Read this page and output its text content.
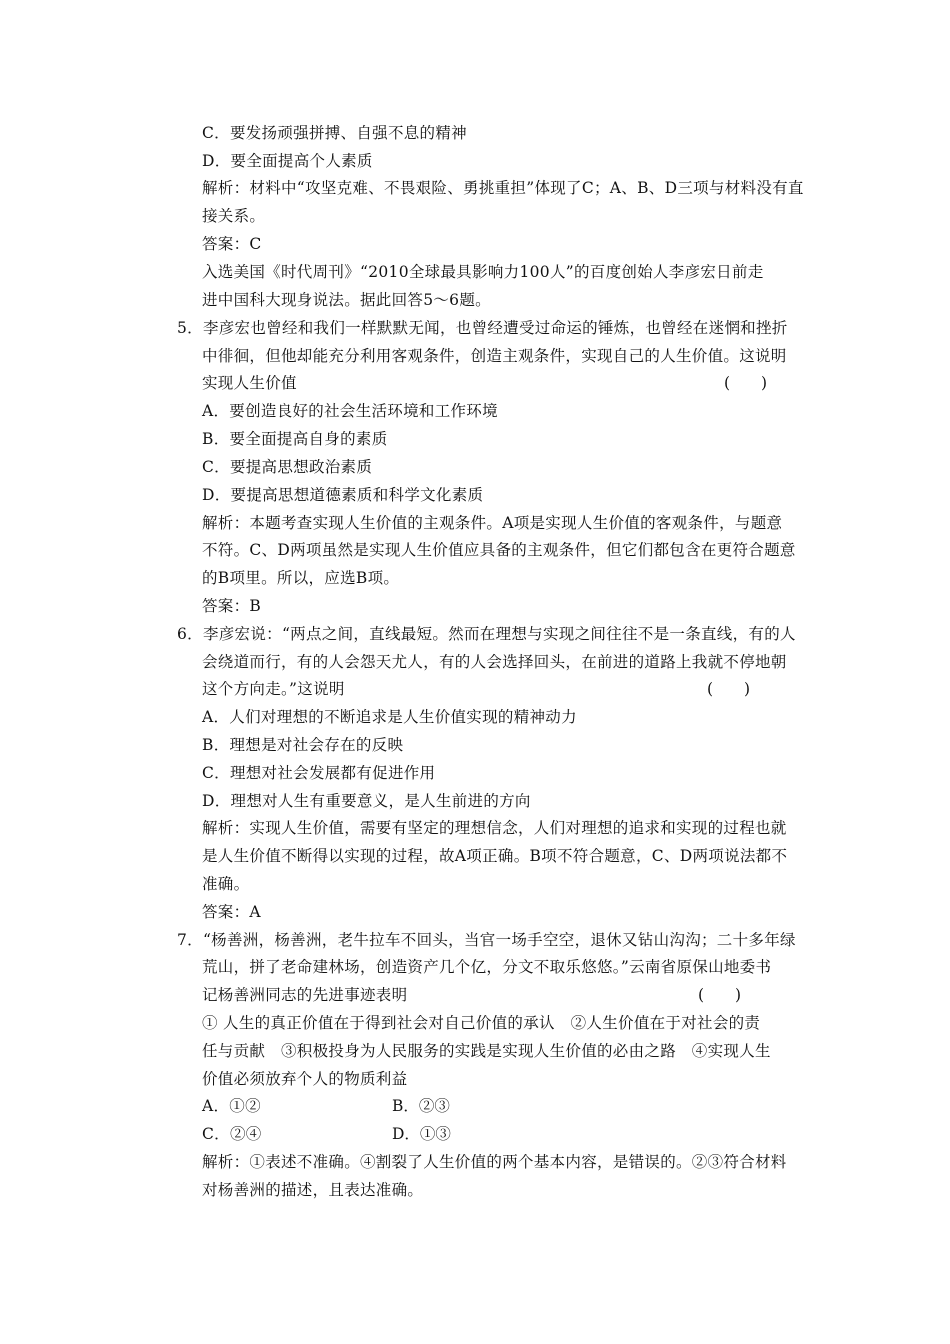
C．要发扬顽强拼搏、自强不息的精神
D．要全面提高个人素质
解析：材料中“攻坚克难、不畏艰险、勇挑重担”体现了C；A、B、D三项与材料没有直
接关系。
答案：C
入选美国《时代周刊》“2010全球最具影响力100人”的百度创始人李彦宏日前走
进中国科大现身说法。据此回答5～6题。
5．李彦宏也曾经和我们一样默默无闻，也曾经遭受过命运的锤炼，也曾经在迷惘和挫折
中徘徊，但他却能充分利用客观条件，创造主观条件，实现自己的人生价值。这说明
实现人生价值	(　　)
A．要创造良好的社会生活环境和工作环境
B．要全面提高自身的素质
C．要提高思想政治素质
D．要提高思想道德素质和科学文化素质
解析：本题考查实现人生价值的主观条件。A项是实现人生价值的客观条件，与题意
不符。C、D两项虽然是实现人生价值应具备的主观条件，但它们都包含在更符合题意
的B项里。所以，应选B项。
答案：B
6．李彦宏说：“两点之间，直线最短。然而在理想与实现之间往往不是一条直线，有的人
会绕道而行，有的人会怨天尤人，有的人会选择回头，在前进的道路上我就不停地朝
这个方向走。”这说明	(　　)
A．人们对理想的不断追求是人生价值实现的精神动力
B．理想是对社会存在的反映
C．理想对社会发展都有促进作用
D．理想对人生有重要意义，是人生前进的方向
解析：实现人生价值，需要有坚定的理想信念，人们对理想的追求和实现的过程也就
是人生价值不断得以实现的过程，故A项正确。B项不符合题意，C、D两项说法都不
准确。
答案：A
7．“杨善洲，杨善洲，老牛拉车不回头，当官一场手空空，退休又钻山沟沟；二十多年绿
荒山，拼了老命建林场，创造资产几个亿，分文不取乐悠悠。”云南省原保山地委书
记杨善洲同志的先进事迹表明	(　　)
① 人生的真正价值在于得到社会对自己价值的承认　②人生价值在于对社会的责
任与贡献　③积极投身为人民服务的实践是实现人生价值的必由之路　④实现人生
价值必须放弃个人的物质利益
A．①②	B．②③
C．②④	D．①③
解析：①表述不准确。④割裂了人生价值的两个基本内容，是错误的。②③符合材料
对杨善洲的描述，且表达准确。
